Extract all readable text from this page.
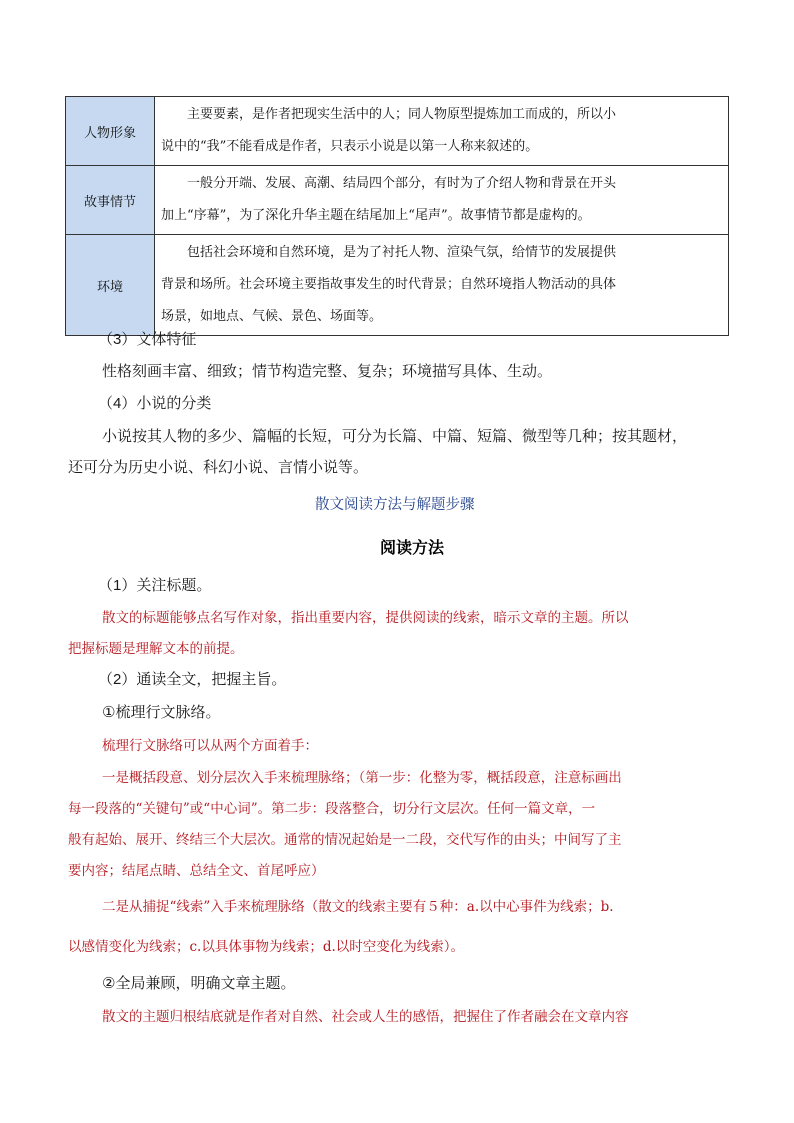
人物形象	主要要素，是作者把现实生活中的人；同人物原型提炼加工而成的，所以小
说中的“我”不能看成是作者，只表示小说是以第一人称来叙述的。

故事情节	一般分开端、发展、高潮、结局四个部分，有时为了介绍人物和背景在开头
加上“序幕”，为了深化升华主题在结尾加上“尾声”。故事情节都是虚构的。

环境	包括社会环境和自然环境，是为了衬托人物、渲染气氛，给情节的发展提供
背景和场所。社会环境主要指故事发生的时代背景；自然环境指人物活动的具体
场景，如地点、气候、景色、场面等。
（3）文体特征
性格刻画丰富、细致；情节构造完整、复杂；环境描写具体、生动。
（4）小说的分类
小说按其人物的多少、篇幅的长短，可分为长篇、中篇、短篇、微型等几种；按其题材，
还可分为历史小说、科幻小说、言情小说等。
散文阅读方法与解题步骤
阅读方法
（1）关注标题。
散文的标题能够点名写作对象，指出重要内容，提供阅读的线索，暗示文章的主题。所以
把握标题是理解文本的前提。
（2）通读全文，把握主旨。
①梳理行文脉络。
梳理行文脉络可以从两个方面着手：
一是概括段意、划分层次入手来梳理脉络；（第一步：化整为零，概括段意，注意标画出
每一段落的“关键句”或“中心词”。第二步：段落整合，切分行文层次。任何一篇文章，一
般有起始、展开、终结三个大层次。通常的情况起始是一二段，交代写作的由头；中间写了主
要内容；结尾点睛、总结全文、首尾呼应）
二是从捕捉“线索”入手来梳理脉络（散文的线索主要有５种：a.以中心事件为线索；b.
以感情变化为线索；c.以具体事物为线索；d.以时空变化为线索）。
②全局兼顾，明确文章主题。
散文的主题归根结底就是作者对自然、社会或人生的感悟，把握住了作者融会在文章内容
